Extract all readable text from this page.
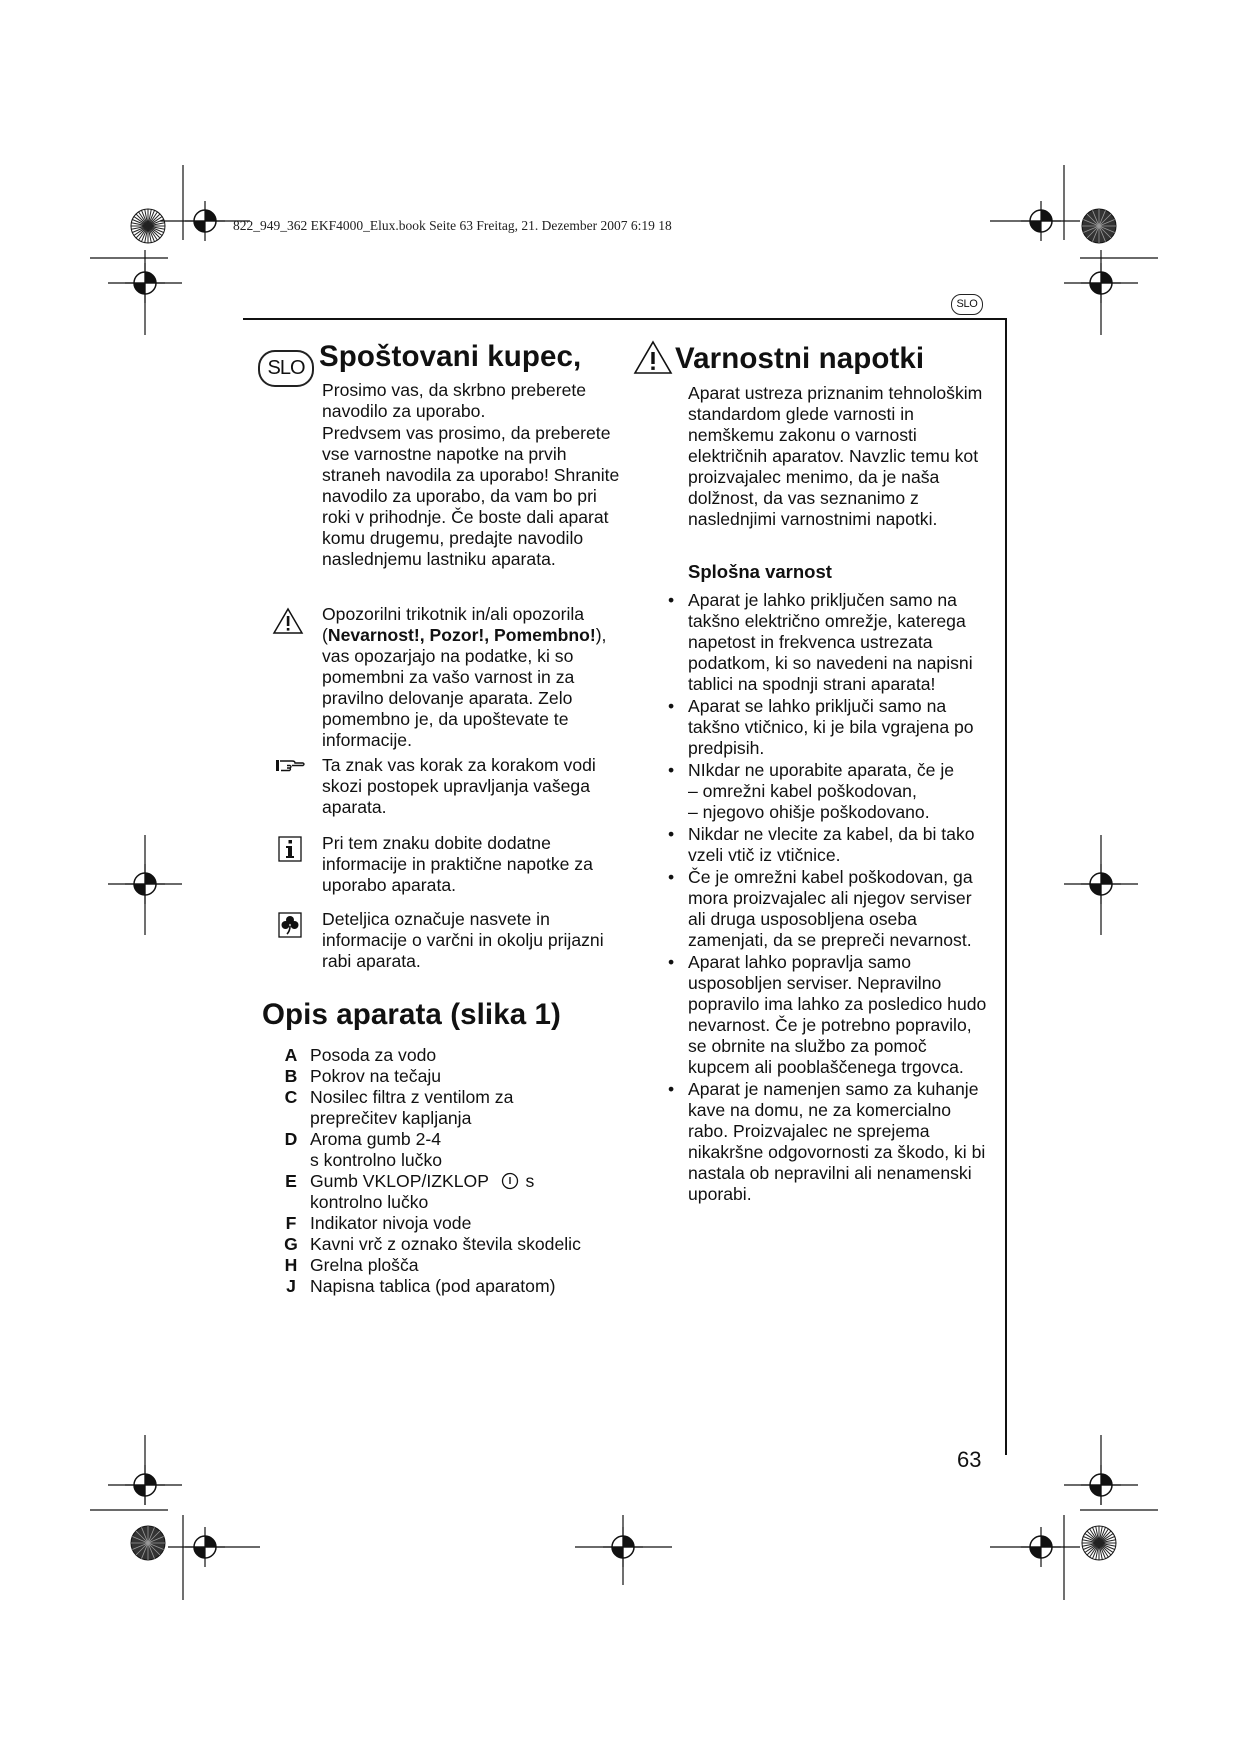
822_949_362 EKF4000_Elux.book Seite 63 Freitag, 21. Dezember 2007 6:19 18
SLO
SLO Spoštovani kupec,

Prosimo vas, da skrbno preberete navodilo za uporabo.

Predvsem vas prosimo, da preberete vse varnostne napotke na prvih straneh navodila za uporabo! Shranite navodilo za uporabo, da vam bo pri roki v prihodnje. Če boste dali aparat komu drugemu, predajte navodilo naslednjemu lastniku aparata.

Opozorilni trikotnik in/ali opozorila (Nevarnost!, Pozor!, Pomembno!), vas opozarjajo na podatke, ki so pomembni za vašo varnost in za pravilno delovanje aparata. Zelo pomembno je, da upoštevate te informacije.
Ta znak vas korak za korakom vodi skozi postopek upravljanja vašega aparata.
Pri tem znaku dobite dodatne informacije in praktične napotke za uporabo aparata.
Deteljica označuje nasvete in informacije o varčni in okolju prijazni rabi aparata.
Opis aparata (slika 1)
A Posoda za vodo
B Pokrov na tečaju
C Nosilec filtra z ventilom za preprečitev kapljanja
D Aroma gumb 2-4
s kontrolno lučko
E Gumb VKLOP/IZKLOP s
kontrolno lučko
F Indikator nivoja vode
G Kavni vrč z oznako števila skodelic
H Grelna plošča
J Napisna tablica (pod aparatom)
Varnostni napotki
Aparat ustreza priznanim tehnološkim standardom glede varnosti in nemškemu zakonu o varnosti električnih aparatov. Navzlic temu kot proizvajalec menimo, da je naša dolžnost, da vas seznanimo z naslednjimi varnostnimi napotki.
Splošna varnost
• Aparat je lahko priključen samo na takšno električno omrežje, katerega napetost in frekvenca ustrezata podatkom, ki so navedeni na napisni tablici na spodnji strani aparata!
• Aparat se lahko priključi samo na takšno vtičnico, ki je bila vgrajena po predpisih.
• NIkdar ne uporabite aparata, če je
– omrežni kabel poškodovan,
– njegovo ohišje poškodovano.
• Nikdar ne vlecite za kabel, da bi tako vzeli vtič iz vtičnice.
• Če je omrežni kabel poškodovan, ga mora proizvajalec ali njegov serviser ali druga usposobljena oseba zamenjati, da se prepreči nevarnost.
• Aparat lahko popravlja samo usposobljen serviser. Nepravilno popravilo ima lahko za posledico hudo nevarnost. Če je potrebno popravilo, se obrnite na službo za pomoč kupcem ali pooblaščenega trgovca.
• Aparat je namenjen samo za kuhanje kave na domu, ne za komercialno rabo. Proizvajalec ne sprejema nikakršne odgovornosti za škodo, ki bi nastala ob nepravilni ali nenamenski uporabi.
63
